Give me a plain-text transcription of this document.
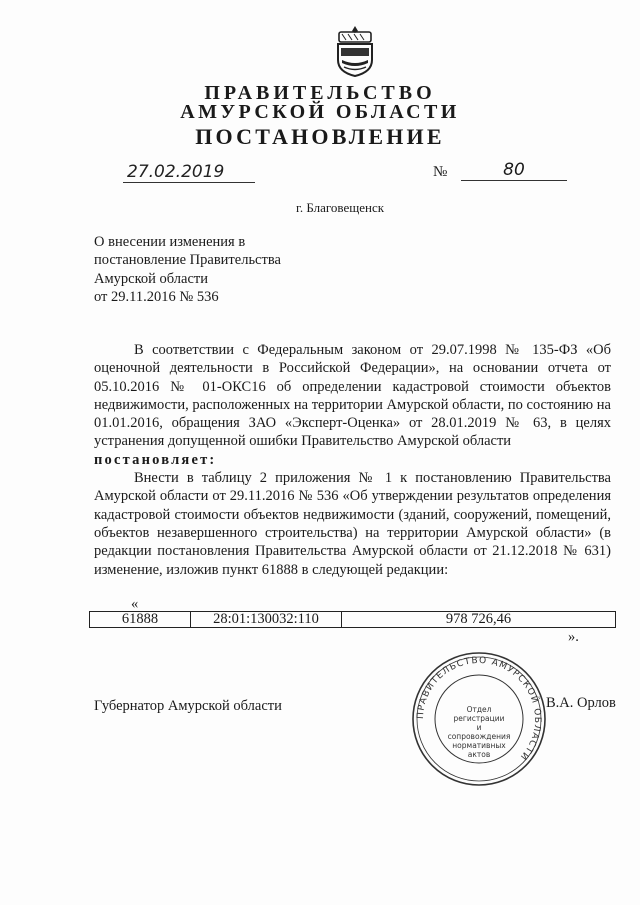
ПРАВИТЕЛЬСТВО
АМУРСКОЙ ОБЛАСТИ
ПОСТАНОВЛЕНИЕ
27.02.2019	№	80
г. Благовещенск
О внесении изменения в
постановление Правительства
Амурской области
от 29.11.2016 № 536

В соответствии с Федеральным законом от 29.07.1998 № 135-ФЗ «Об оценочной деятельности в Российской Федерации», на основании отчета от 05.10.2016 № 01-ОКС16 об определении кадастровой стоимости объектов недвижимости, расположенных на территории Амурской области, по состоянию на 01.01.2016, обращения ЗАО «Эксперт-Оценка» от 28.01.2019 № 63, в целях устранения допущенной ошибки Правительство Амурской области

постановляет:

Внести в таблицу 2 приложения № 1 к постановлению Правительства Амурской области от 29.11.2016 № 536 «Об утверждении результатов определения кадастровой стоимости объектов недвижимости (зданий, сооружений, помещений, объектов незавершенного строительства) на территории Амурской области» (в редакции постановления Правительства Амурской области от 21.12.2018 № 631) изменение, изложив пункт 61888 в следующей редакции:

«
61888	28:01:130032:110	978 726,46
».
Губернатор Амурской области
ПРАВИТЕЛЬСТВО АМУРСКОЙ ОБЛАСТИ
Отдел
регистрации
и сопровождения
нормативных актов
В.А. Орлов
